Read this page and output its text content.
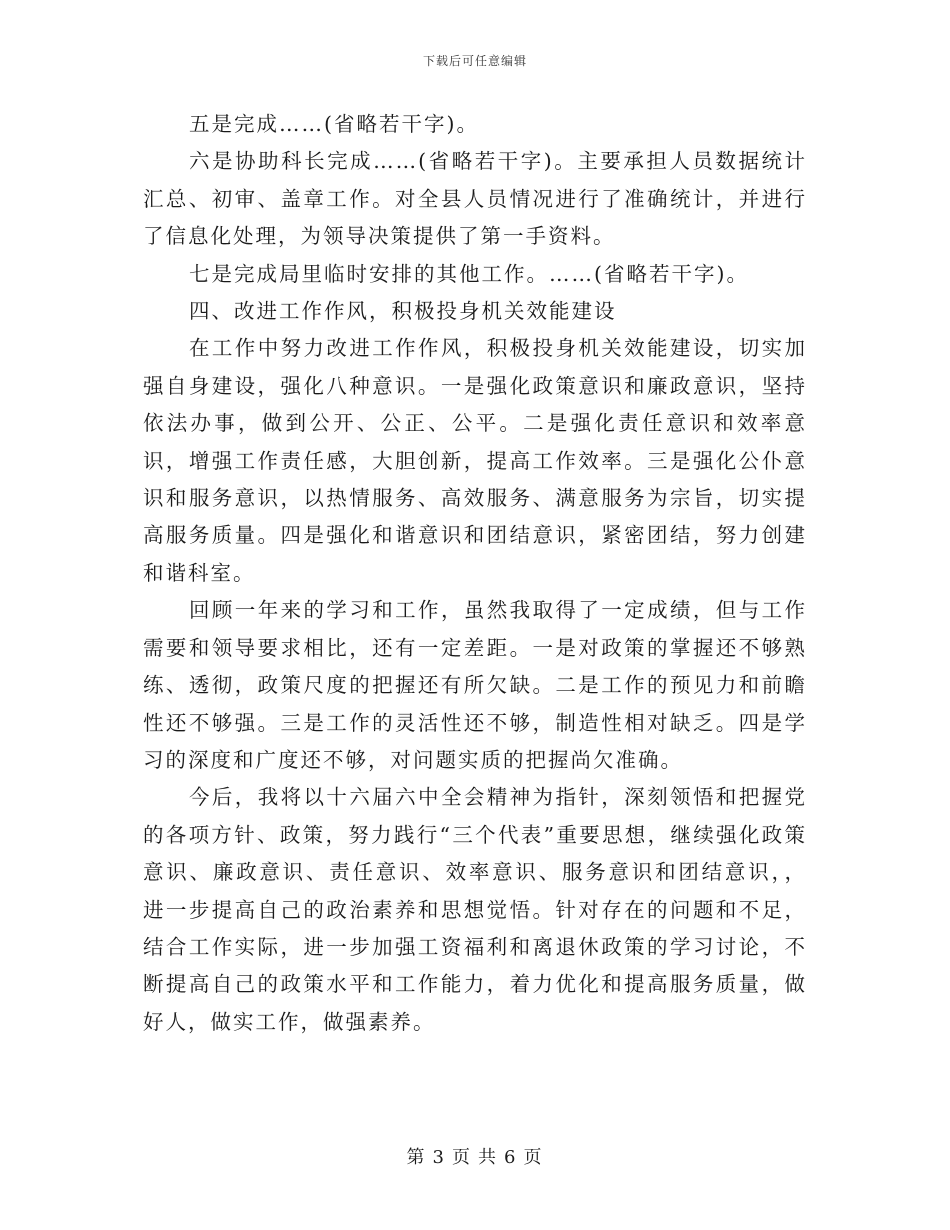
下载后可任意编辑

五是完成……(省略若干字)。

六是协助科长完成……(省略若干字)。主要承担人员数据统计汇总、初审、盖章工作。对全县人员情况进行了准确统计，并进行了信息化处理，为领导决策提供了第一手资料。

七是完成局里临时安排的其他工作。……(省略若干字)。

四、改进工作作风，积极投身机关效能建设

在工作中努力改进工作作风，积极投身机关效能建设，切实加强自身建设，强化八种意识。一是强化政策意识和廉政意识，坚持依法办事，做到公开、公正、公平。二是强化责任意识和效率意识，增强工作责任感，大胆创新，提高工作效率。三是强化公仆意识和服务意识，以热情服务、高效服务、满意服务为宗旨，切实提高服务质量。四是强化和谐意识和团结意识，紧密团结，努力创建和谐科室。

回顾一年来的学习和工作，虽然我取得了一定成绩，但与工作需要和领导要求相比，还有一定差距。一是对政策的掌握还不够熟练、透彻，政策尺度的把握还有所欠缺。二是工作的预见力和前瞻性还不够强。三是工作的灵活性还不够，制造性相对缺乏。四是学习的深度和广度还不够，对问题实质的把握尚欠准确。

今后，我将以十六届六中全会精神为指针，深刻领悟和把握党的各项方针、政策，努力践行“三个代表”重要思想，继续强化政策意识、廉政意识、责任意识、效率意识、服务意识和团结意识，，进一步提高自己的政治素养和思想觉悟。针对存在的问题和不足，结合工作实际，进一步加强工资福利和离退休政策的学习讨论，不断提高自己的政策水平和工作能力，着力优化和提高服务质量，做好人，做实工作，做强素养。

第 3 页 共 6 页
